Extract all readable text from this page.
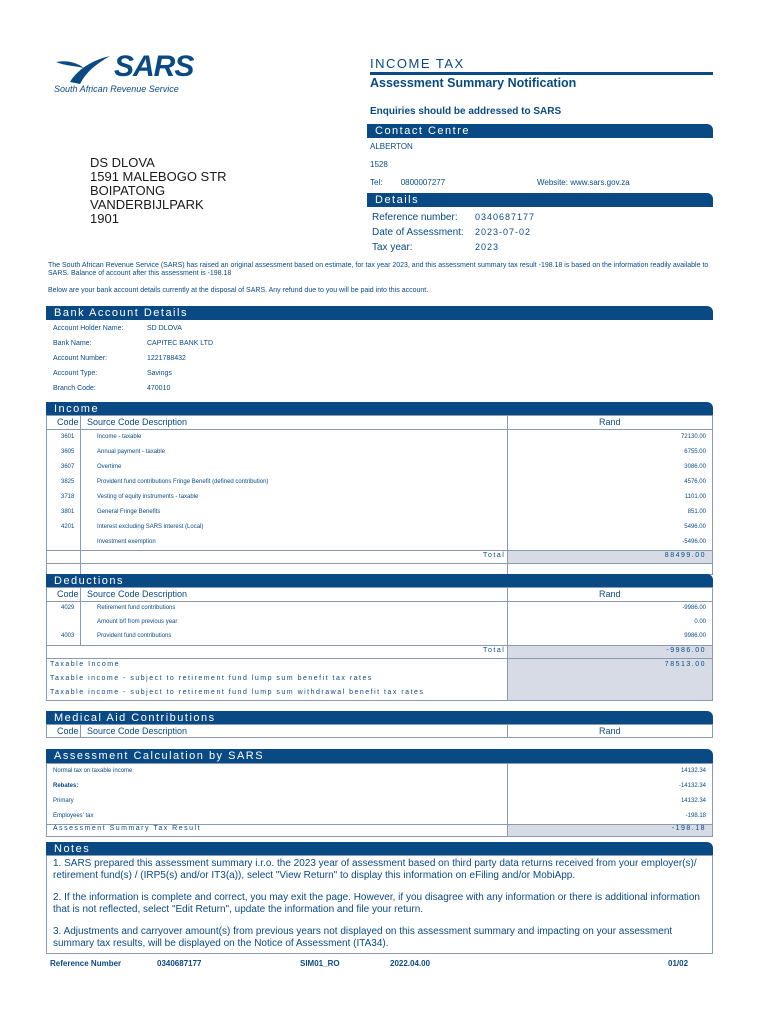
SARS
South African Revenue Service
INCOME TAX
Assessment Summary Notification
Enquiries should be addressed to SARS
Contact Centre
ALBERTON
1528
Tel: 0800007277	Website: www.sars.gov.za
Details
Reference number: 0340687177
Date of Assessment: 2023-07-02
Tax year:	2023
DS DLOVA
1591 MALEBOGO STR
BOIPATONG
VANDERBIJLPARK
1901
The South African Revenue Service (SARS) has raised an original assessment based on estimate, for tax year 2023, and this assessment summary tax result -198.18 is based on the information readily available to SARS. Balance of account after this assessment is -198.18
Below are your bank account details currently at the disposal of SARS. Any refund due to you will be paid into this account.
Bank Account Details
Account Holder Name:	SD DLOVA
Bank Name:	CAPITEC BANK LTD
Account Number:	1221788432
Account Type:	Savings
Branch Code:	470010
Income
Code Source Code Description	Rand
3601	Income - taxable	72130.00
3605	Annual payment - taxable	6755.00
3607	Overtime	3086.00
3825	Provident fund contributions Fringe Benefit (defined contribution)	4576.00
3718	Vesting of equity instruments - taxable	1101.00
3801	General Fringe Benefits	851.00
4201	Interest excluding SARS interest (Local)	5496.00
Investment exemption	-5496.00
Total	88499.00
Deductions
Code Source Code Description	Rand
4029	Retirement fund contributions	-9986.00
Amount b/f from previous year	0.00
4003	Provident fund contributions	9986.00
Total	-9986.00
Taxable Income	78513.00
Taxable income - subject to retirement fund lump sum benefit tax rates
Taxable income - subject to retirement fund lump sum withdrawal benefit tax rates
Medical Aid Contributions
Code Source Code Description	Rand
Assessment Calculation by SARS
Normal tax on taxable income	14132.34
Rebates:	-14132.34
Primary	14132.34
Employees' tax	-198.18
Assessment Summary Tax Result	-198.18
Notes
1. SARS prepared this assessment summary i.r.o. the 2023 year of assessment based on third party data returns received from your employer(s)/ retirement fund(s) / (IRP5(s) and/or IT3(a)), select "View Return" to display this information on eFiling and/or MobiApp.
2. If the information is complete and correct, you may exit the page. However, if you disagree with any information or there is additional information that is not reflected, select "Edit Return", update the information and file your return.
3. Adjustments and carryover amount(s) from previous years not displayed on this assessment summary and impacting on your assessment summary tax results, will be displayed on the Notice of Assessment (ITA34).
Reference Number	0340687177	SIM01_RO	2022.04.00	01/02
